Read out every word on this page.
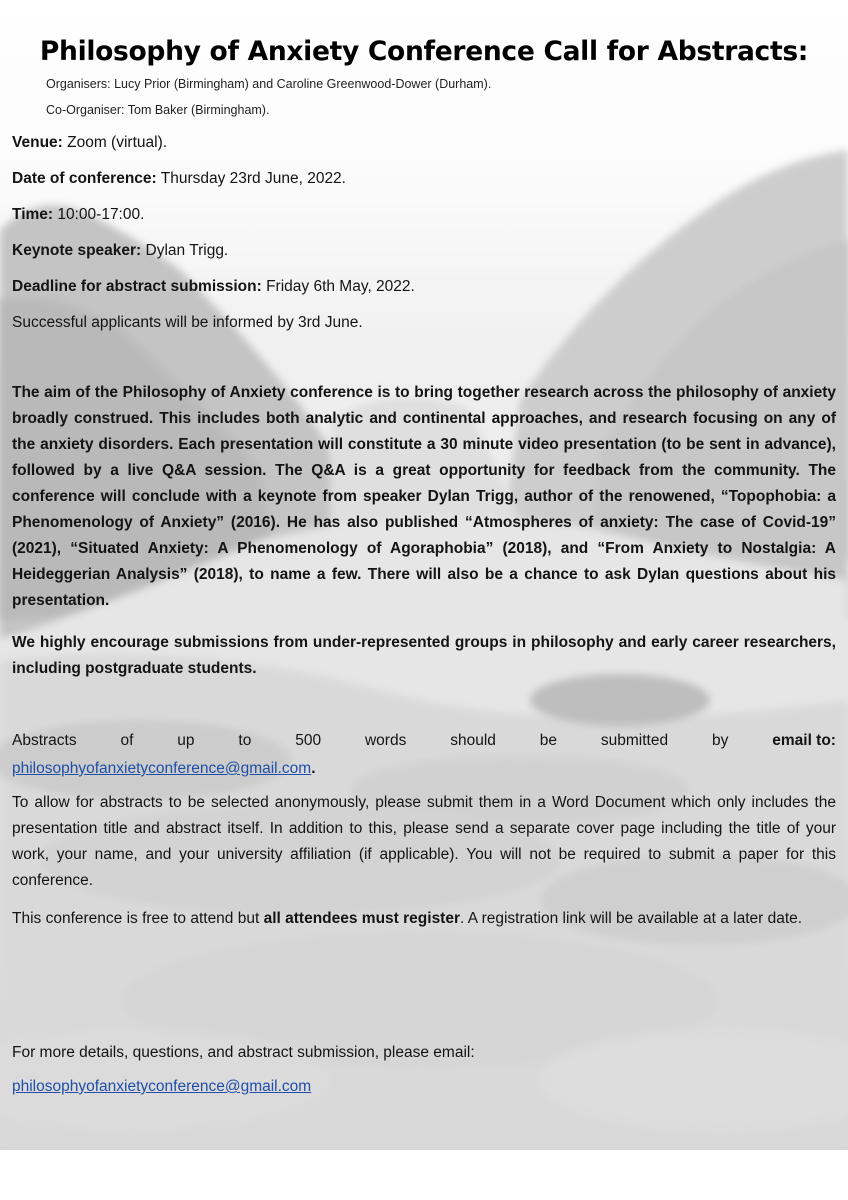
Philosophy of Anxiety Conference Call for Abstracts:
Organisers: Lucy Prior (Birmingham) and Caroline Greenwood-Dower (Durham).
Co-Organiser: Tom Baker (Birmingham).
Venue: Zoom (virtual).
Date of conference: Thursday 23rd June, 2022.
Time: 10:00-17:00.
Keynote speaker: Dylan Trigg.
Deadline for abstract submission: Friday 6th May, 2022.
Successful applicants will be informed by 3rd June.
The aim of the Philosophy of Anxiety conference is to bring together research across the philosophy of anxiety broadly construed. This includes both analytic and continental approaches, and research focusing on any of the anxiety disorders. Each presentation will constitute a 30 minute video presentation (to be sent in advance), followed by a live Q&A session. The Q&A is a great opportunity for feedback from the community. The conference will conclude with a keynote from speaker Dylan Trigg, author of the renowened, “Topophobia: a Phenomenology of Anxiety” (2016). He has also published “Atmospheres of anxiety: The case of Covid-19” (2021), “Situated Anxiety: A Phenomenology of Agoraphobia” (2018), and “From Anxiety to Nostalgia: A Heideggerian Analysis” (2018), to name a few. There will also be a chance to ask Dylan questions about his presentation.
We highly encourage submissions from under-represented groups in philosophy and early career researchers, including postgraduate students.
Abstracts	of	up	to	500	words	should	be	submitted	by	email to:
philosophyofanxietyconference@gmail.com.
To allow for abstracts to be selected anonymously, please submit them in a Word Document which only includes the presentation title and abstract itself. In addition to this, please send a separate cover page including the title of your work, your name, and your university affiliation (if applicable). You will not be required to submit a paper for this conference.
This conference is free to attend but all attendees must register. A registration link will be available at a later date.
For more details, questions, and abstract submission, please email:
philosophyofanxietyconference@gmail.com
